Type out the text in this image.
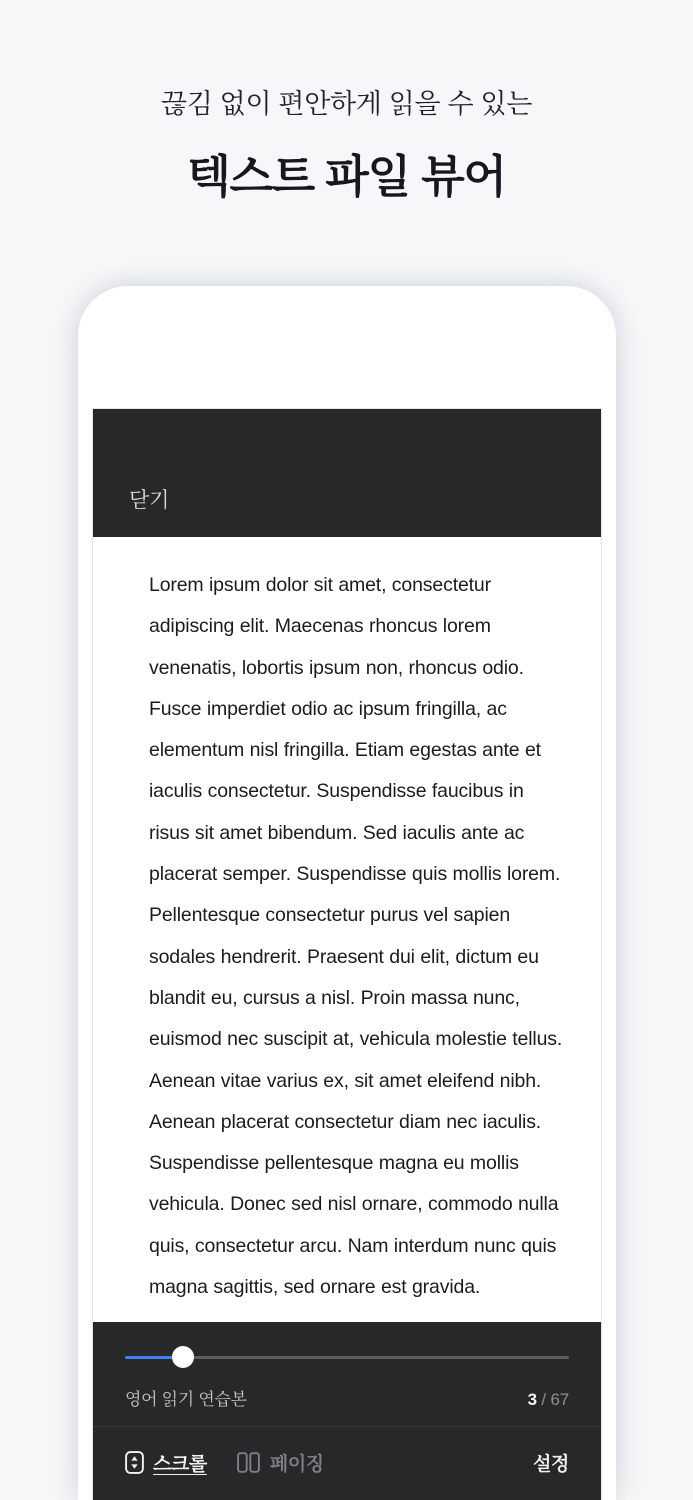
끊김 없이 편안하게 읽을 수 있는

텍스트 파일 뷰어
닫기

Lorem ipsum dolor sit amet, consectetur adipiscing elit. Maecenas rhoncus lorem venenatis, lobortis ipsum non, rhoncus odio. Fusce imperdiet odio ac ipsum fringilla, ac elementum nisl fringilla. Etiam egestas ante et iaculis consectetur. Suspendisse faucibus in risus sit amet bibendum. Sed iaculis ante ac placerat semper. Suspendisse quis mollis lorem. Pellentesque consectetur purus vel sapien sodales hendrerit. Praesent dui elit, dictum eu blandit eu, cursus a nisl. Proin massa nunc, euismod nec suscipit at, vehicula molestie tellus. Aenean vitae varius ex, sit amet eleifend nibh. Aenean placerat consectetur diam nec iaculis. Suspendisse pellentesque magna eu mollis vehicula. Donec sed nisl ornare, commodo nulla quis, consectetur arcu. Nam interdum nunc quis magna sagittis, sed ornare est gravida.

영어 읽기 연습본	3 / 67
스크롤	페이징	설정
